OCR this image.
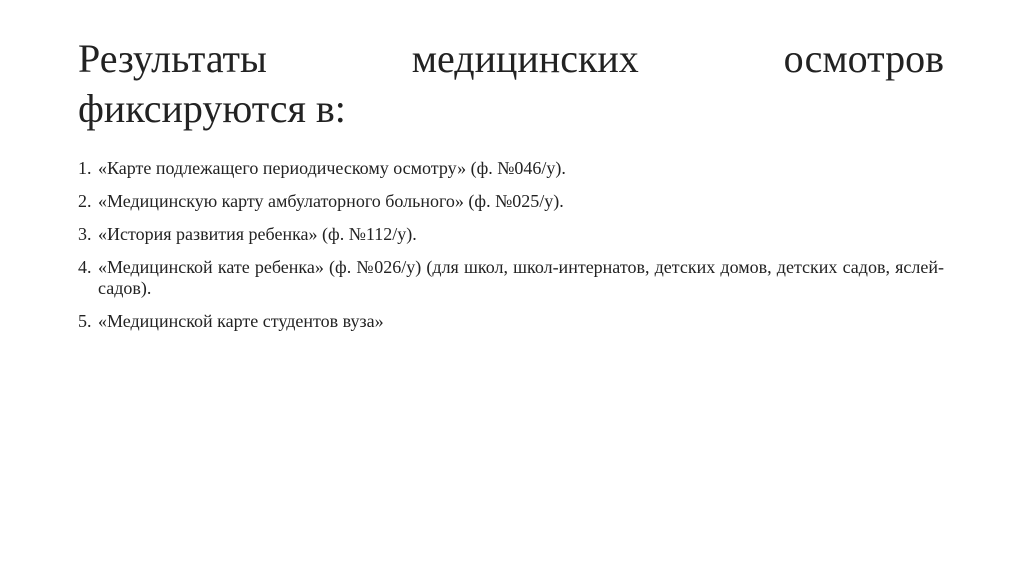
Результаты медицинских осмотров
фиксируются в:
1. «Карте подлежащего периодическому осмотру» (ф. №046/у).
2. «Медицинскую карту амбулаторного больного» (ф. №025/у).
3. «История развития ребенка» (ф. №112/у).
4. «Медицинской кате ребенка» (ф. №026/у) (для школ, школ-интернатов, детских домов, детских садов, яслей-садов).
5. «Медицинской карте студентов вуза»
